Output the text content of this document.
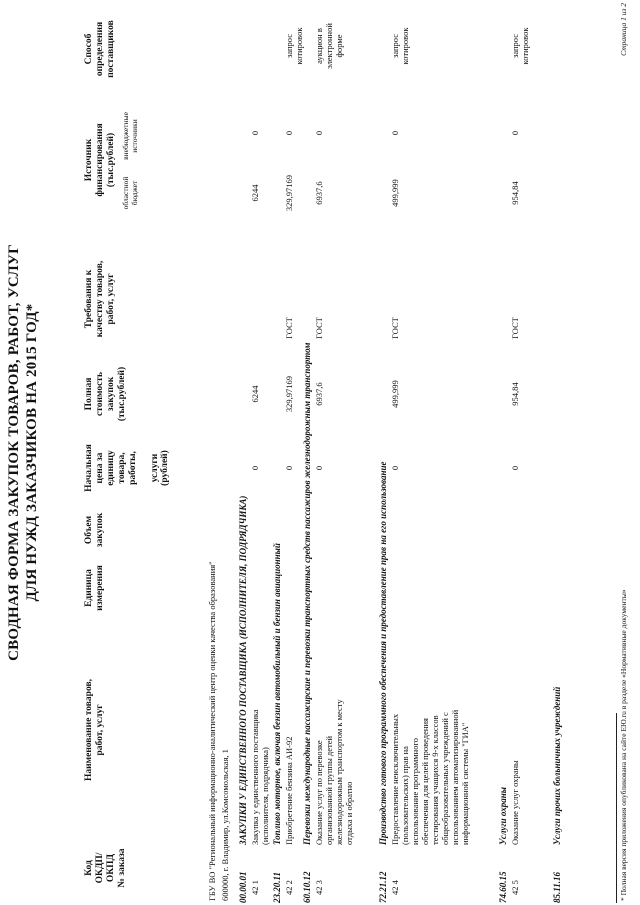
СВОДНАЯ ФОРМА ЗАКУПОК ТОВАРОВ, РАБОТ, УСЛУГ ДЛЯ НУЖД ЗАКАЗЧИКОВ НА 2015 ГОД*
Код ОКДП/ ОКПД № заказа
Наименование товаров, работ, услуг
Единица измерения
Объем закупок
Начальная цена за единицу товара, работы,
услуги (рублей)
Полная стоимость закупок (тыс.рублей)
Требования к качеству товаров, работ, услуг
Источник финансирования (тыс.рублей)
областной бюджет
внебюджетные источники
Способ определения поставщиков
ГБУ ВО "Региональный информационно-аналитический центр оценки качества образования" 600000, г. Владимир, ул.Комсомольская, 1 00.00.01
ЗАКУПКИ У ЕДИНСТВЕННОГО ПОСТАВЩИКА (ИСПОЛНИТЕЛЯ, ПОДРЯДЧИКА)
42 1
Закупка у единственного поставщика (исполнителя, подрядчика)
0
6244
6244
0
23.20.11
Топливо моторное, включая бензин автомобильный и бензин авиационный
42 2
Приобретение бензина АИ-92
0
329,97169
ГОСТ
329,97169
0
запрос котировок
60.10.12
Перевозки международные пассажирские и перевозки транспортных средств пассажиров железнодорожным транспортом
42 3
Оказание услуг по перевозке организованной группы детей железнодорожным транспортом к месту отдыха и обратно
0
6937,6
ГОСТ
6937,6
0
аукцион в электронной форме
72.21.12
Производство готового программного обеспечения и предоставление прав на его использование
42 4
Предоставление неисключительных (пользовательских) прав на использование программного обеспечения для целей проведения тестирования учащихся 9-х классов общеобразовательных учреждений с использованием автоматизированной информационной системы "ГИА"
0
499,999
ГОСТ
499,999
0
запрос котировок
74.60.15
Услуги охраны
42 5
Оказание услуг охраны
0
954,84
ГОСТ
954,84
0
запрос котировок
85.11.16
Услуги прочих больничных учреждений	* Полная версия приложения опубликована на сайте ЕЮ.ru в разделе «Нормативные документы»
Страница 1 из 2
